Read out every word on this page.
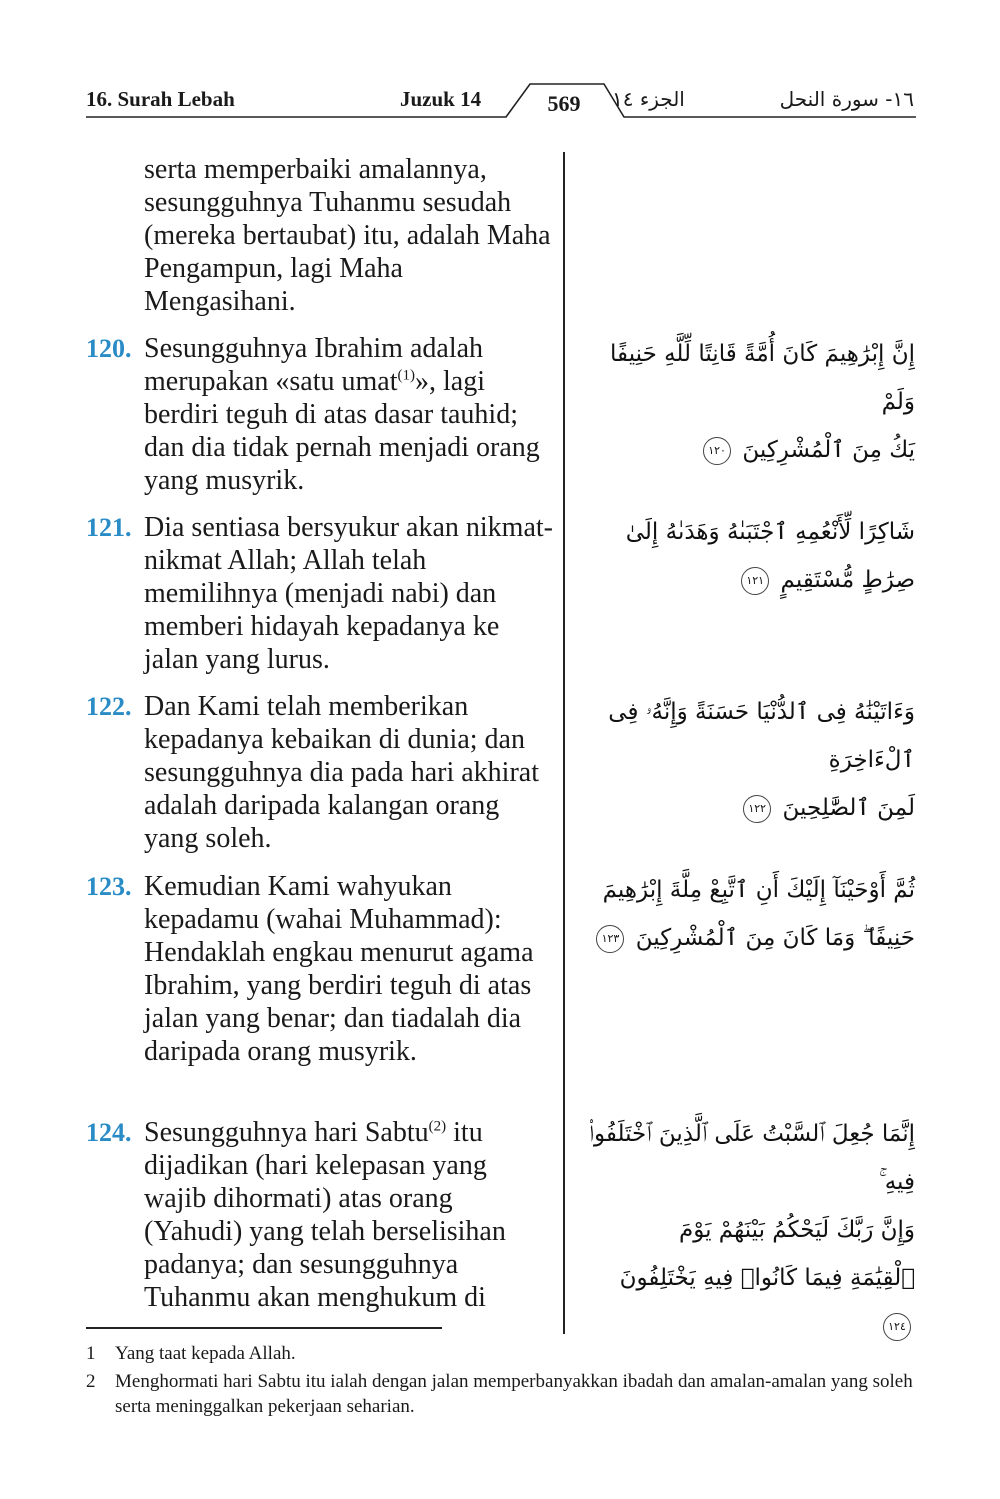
16. Surah Lebah	Juzuk 14	569	الجزء ١٤	١٦- سورة النحل
serta memperbaiki amalannya, sesungguhnya Tuhanmu sesudah (mereka bertaubat) itu, adalah Maha Pengampun, lagi Maha Mengasihani.
120. Sesungguhnya Ibrahim adalah merupakan «satu umat$^{(1)}$», lagi berdiri teguh di atas dasar tauhid; dan dia tidak pernah menjadi orang yang musyrik.
إِنَّ إِبْرَٰهِيمَ كَانَ أُمَّةً قَانِتًا لِّلَّهِ حَنِيفًا وَلَمْ
يَكُ مِنَ ٱلْمُشْرِكِينَ ١٢٠
121. Dia sentiasa bersyukur akan nikmat-nikmat Allah; Allah telah memilihnya (menjadi nabi) dan memberi hidayah kepadanya ke jalan yang lurus.
شَاكِرًا لِّأَنْعُمِهِ ٱجْتَبَىٰهُ وَهَدَىٰهُ إِلَىٰ
صِرَٰطٍ مُّسْتَقِيمٍ ١٢١
122. Dan Kami telah memberikan kepadanya kebaikan di dunia; dan sesungguhnya dia pada hari akhirat adalah daripada kalangan orang yang soleh.
وَءَاتَيْنَٰهُ فِى ٱلدُّنْيَا حَسَنَةً وَإِنَّهُۥ فِى ٱلْءَاخِرَةِ
لَمِنَ ٱلصَّٰلِحِينَ ١٢٢
123. Kemudian Kami wahyukan kepadamu (wahai Muhammad): Hendaklah engkau menurut agama Ibrahim, yang berdiri teguh di atas jalan yang benar; dan tiadalah dia daripada orang musyrik.
ثُمَّ أَوْحَيْنَآ إِلَيْكَ أَنِ ٱتَّبِعْ مِلَّةَ إِبْرَٰهِيمَ
حَنِيفًا ۖ وَمَا كَانَ مِنَ ٱلْمُشْرِكِينَ ١٢٣
124. Sesungguhnya hari Sabtu$^{(2)}$ itu dijadikan (hari kelepasan yang wajib dihormati) atas orang (Yahudi) yang telah berselisihan padanya; dan sesungguhnya Tuhanmu akan menghukum di
إِنَّمَا جُعِلَ ٱلسَّبْتُ عَلَى ٱلَّذِينَ ٱخْتَلَفُوا۟ فِيهِ ۚ
وَإِنَّ رَبَّكَ لَيَحْكُمُ بَيْنَهُمْ يَوْمَ
ٱلْقِيَٰمَةِ فِيمَا كَانُوا۟ فِيهِ يَخْتَلِفُونَ ١٢٤
1 Yang taat kepada Allah.
2 Menghormati hari Sabtu itu ialah dengan jalan memperbanyakkan ibadah dan amalan-amalan yang soleh serta meninggalkan pekerjaan seharian.
